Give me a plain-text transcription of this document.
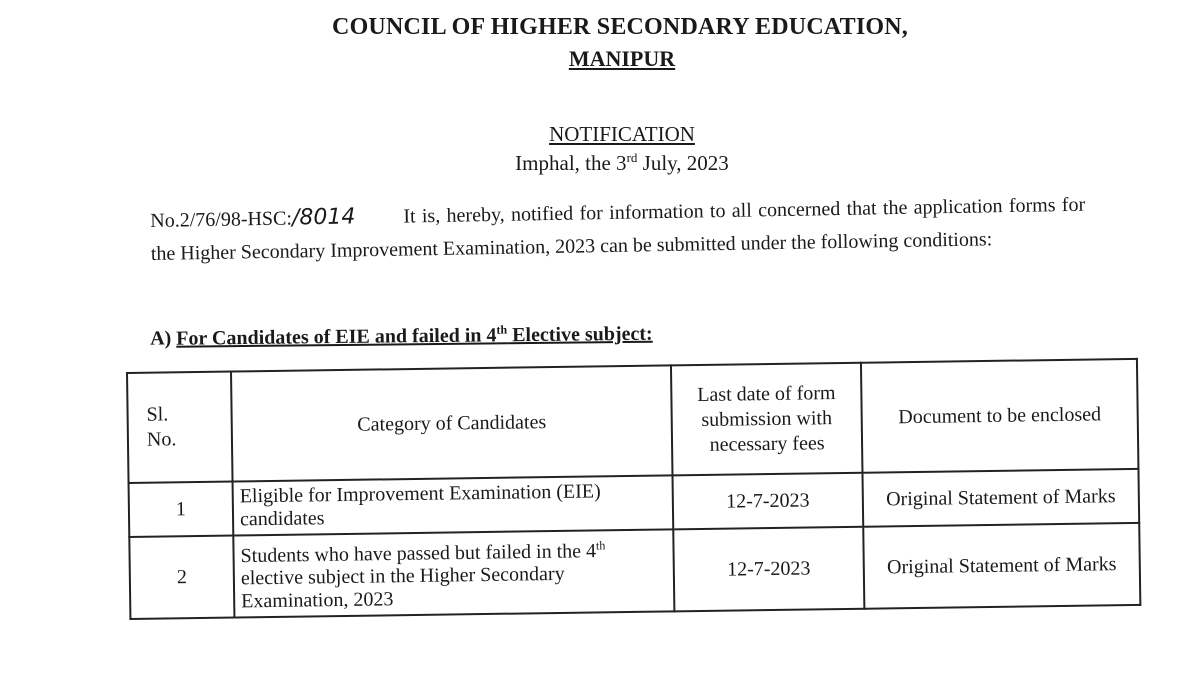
COUNCIL OF HIGHER SECONDARY EDUCATION,
MANIPUR
NOTIFICATION
Imphal, the 3rd July, 2023
No.2/76/98-HSC:/8014 It is, hereby, notified for information to all concerned that the application forms for the Higher Secondary Improvement Examination, 2023 can be submitted under the following conditions:
A) For Candidates of EIE and failed in 4th Elective subject:
Sl.
No.	Category of Candidates	Last date of form submission with necessary fees	Document to be enclosed
1	Eligible for Improvement Examination (EIE) candidates	12-7-2023	Original Statement of Marks
2	Students who have passed but failed in the 4th elective subject in the Higher Secondary Examination, 2023	12-7-2023	Original Statement of Marks
